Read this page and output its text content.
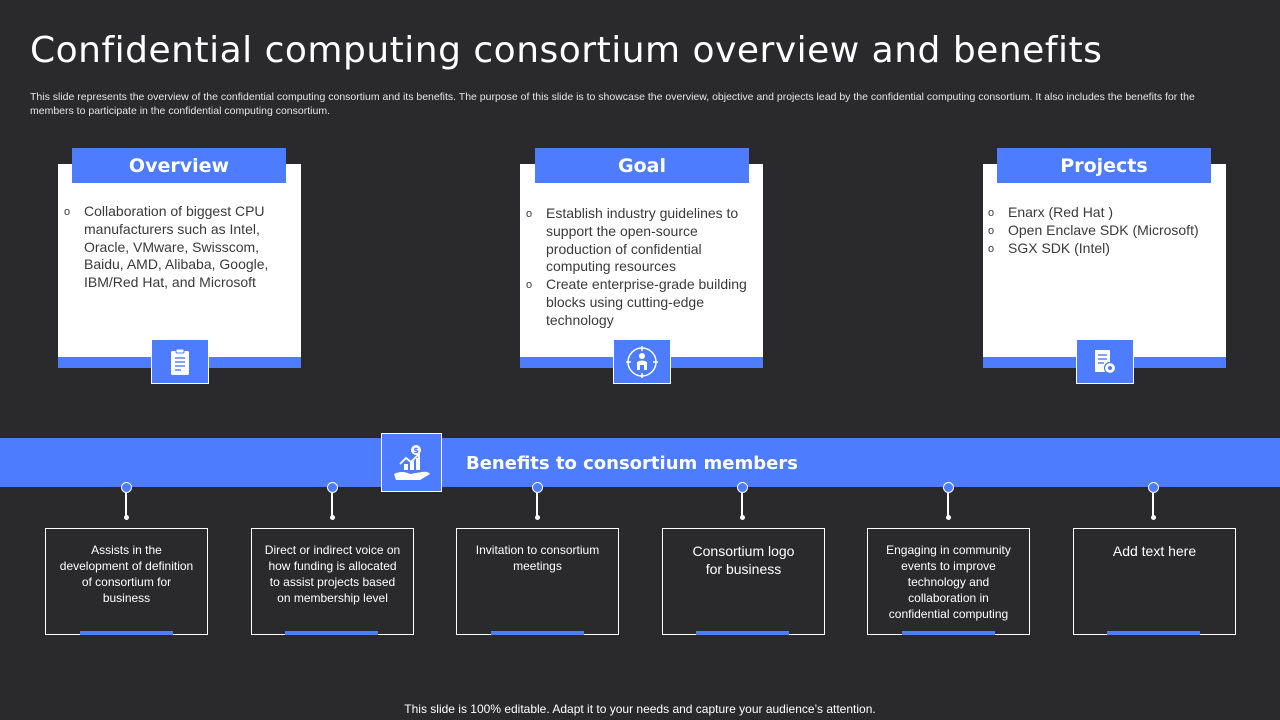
Confidential computing consortium overview and benefits
This slide represents the overview of the confidential computing consortium and its benefits. The purpose of this slide is to showcase the overview, objective and projects lead by the confidential computing consortium. It also includes the benefits for the members to participate in the confidential computing consortium.
Overview
o Collaboration of biggest CPU manufacturers such as Intel, Oracle, VMware, Swisscom, Baidu, AMD, Alibaba, Google, IBM/Red Hat, and Microsoft
Goal
o Establish industry guidelines to support the open-source production of confidential computing resources
o Create enterprise-grade building blocks using cutting-edge technology
Projects
o Enarx (Red Hat )
o Open Enclave SDK (Microsoft)
o SGX SDK (Intel)
$
Benefits to consortium members
Assists in the development of definition of consortium for business
Direct or indirect voice on how funding is allocated to assist projects based on membership level
Invitation to consortium meetings
Consortium logo for business
Engaging in community events to improve technology and collaboration in confidential computing
Add text here
This slide is 100% editable. Adapt it to your needs and capture your audience’s attention.
